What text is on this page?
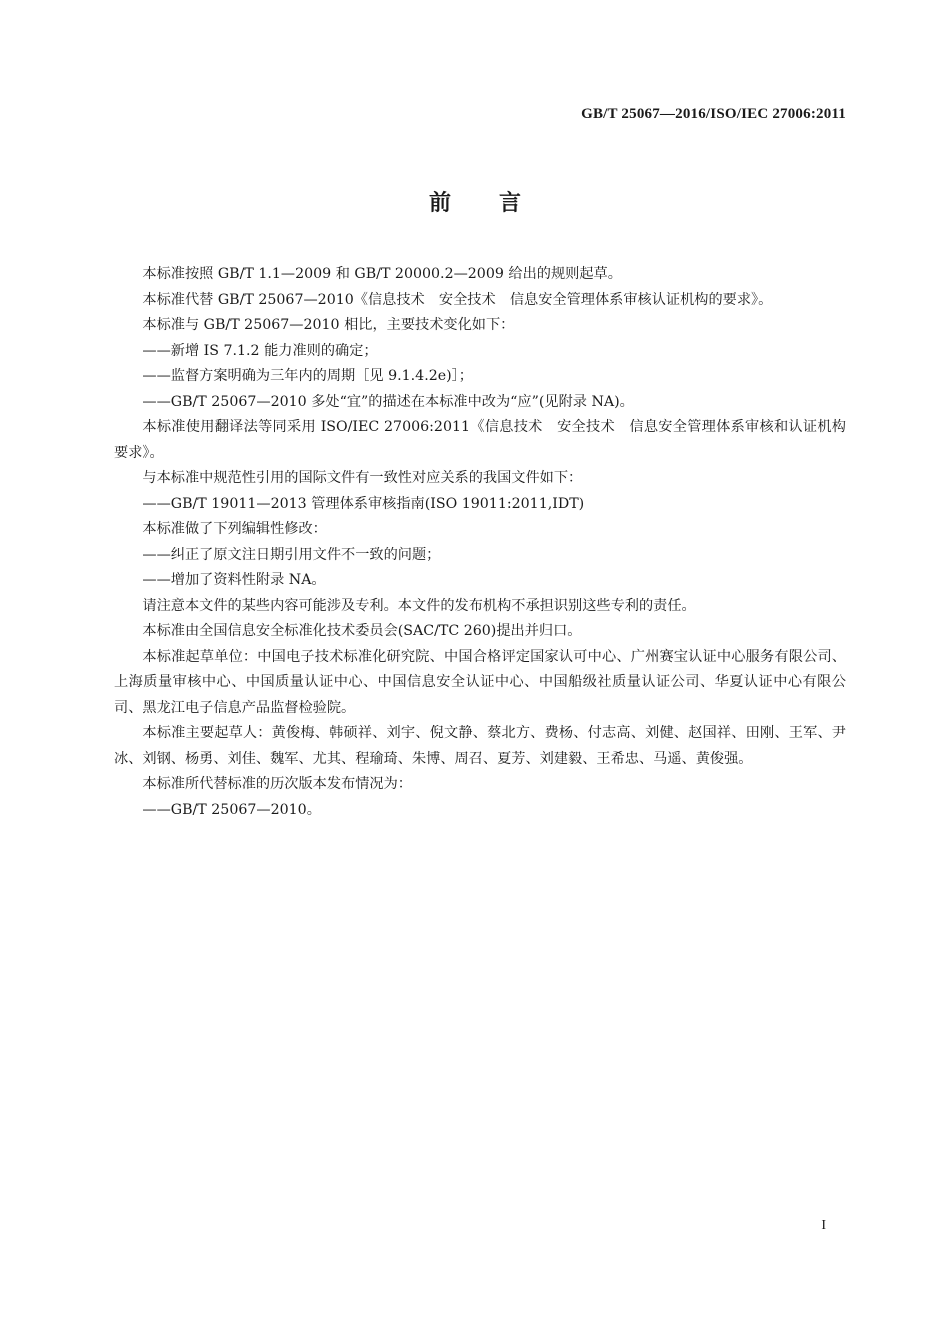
GB/T 25067—2016/ISO/IEC 27006:2011
前言

本标准按照 GB/T 1.1—2009 和 GB/T 20000.2—2009 给出的规则起草。

本标准代替 GB/T 25067—2010《信息技术　安全技术　信息安全管理体系审核认证机构的要求》。

本标准与 GB/T 25067—2010 相比，主要技术变化如下：

——新增 IS 7.1.2 能力准则的确定；

——监督方案明确为三年内的周期［见 9.1.4.2e)］；

——GB/T 25067—2010 多处“宜”的描述在本标准中改为“应”(见附录 NA)。

本标准使用翻译法等同采用 ISO/IEC 27006:2011《信息技术　安全技术　信息安全管理体系审核和认证机构要求》。

与本标准中规范性引用的国际文件有一致性对应关系的我国文件如下：

——GB/T 19011—2013 管理体系审核指南(ISO 19011:2011,IDT)

本标准做了下列编辑性修改：

——纠正了原文注日期引用文件不一致的问题；

——增加了资料性附录 NA。

请注意本文件的某些内容可能涉及专利。本文件的发布机构不承担识别这些专利的责任。

本标准由全国信息安全标准化技术委员会(SAC/TC 260)提出并归口。

本标准起草单位：中国电子技术标准化研究院、中国合格评定国家认可中心、广州赛宝认证中心服务有限公司、上海质量审核中心、中国质量认证中心、中国信息安全认证中心、中国船级社质量认证公司、华夏认证中心有限公司、黑龙江电子信息产品监督检验院。

本标准主要起草人：黄俊梅、韩硕祥、刘宇、倪文静、蔡北方、费杨、付志高、刘健、赵国祥、田刚、王军、尹冰、刘钢、杨勇、刘佳、魏军、尤其、程瑜琦、朱博、周召、夏芳、刘建毅、王希忠、马遥、黄俊强。

本标准所代替标准的历次版本发布情况为：

——GB/T 25067—2010。

I
